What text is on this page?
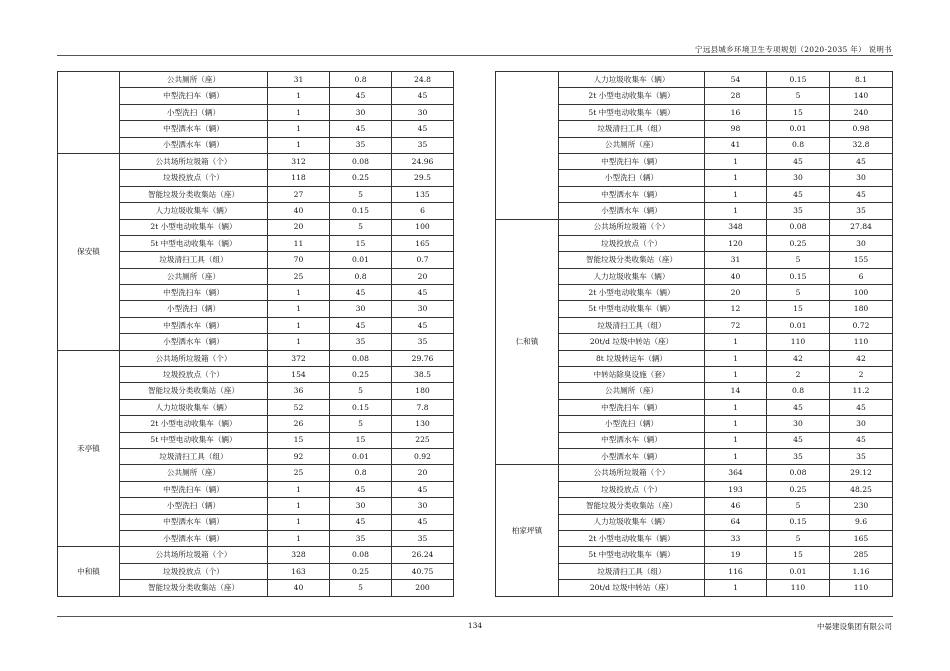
宁远县城乡环境卫生专项规划（2020-2035 年） 说明书
	公共厕所（座）	31	0.8	24.8
	中型洗扫车（辆）	1	45	45
	小型洗扫（辆）	1	30	30
	中型洒水车（辆）	1	45	45
	小型洒水车（辆）	1	35	35
保安镇	公共场所垃圾箱（个）	312	0.08	24.96
	垃圾投放点（个）	118	0.25	29.5
	智能垃圾分类收集站（座）	27	5	135
	人力垃圾收集车（辆）	40	0.15	6
	2t 小型电动收集车（辆）	20	5	100
	5t 中型电动收集车（辆）	11	15	165
	垃圾清扫工具（组）	70	0.01	0.7
	公共厕所（座）	25	0.8	20
	中型洗扫车（辆）	1	45	45
	小型洗扫（辆）	1	30	30
	中型洒水车（辆）	1	45	45
	小型洒水车（辆）	1	35	35
禾亭镇	公共场所垃圾箱（个）	372	0.08	29.76
	垃圾投放点（个）	154	0.25	38.5
	智能垃圾分类收集站（座）	36	5	180
	人力垃圾收集车（辆）	52	0.15	7.8
	2t 小型电动收集车（辆）	26	5	130
	5t 中型电动收集车（辆）	15	15	225
	垃圾清扫工具（组）	92	0.01	0.92
	公共厕所（座）	25	0.8	20
	中型洗扫车（辆）	1	45	45
	小型洗扫（辆）	1	30	30
	中型洒水车（辆）	1	45	45
	小型洒水车（辆）	1	35	35
中和镇	公共场所垃圾箱（个）	328	0.08	26.24
	垃圾投放点（个）	163	0.25	40.75
	智能垃圾分类收集站（座）	40	5	200
	人力垃圾收集车（辆）	54	0.15	8.1
	2t 小型电动收集车（辆）	28	5	140
	5t 中型电动收集车（辆）	16	15	240
	垃圾清扫工具（组）	98	0.01	0.98
	公共厕所（座）	41	0.8	32.8
	中型洗扫车（辆）	1	45	45
	小型洗扫（辆）	1	30	30
	中型洒水车（辆）	1	45	45
	小型洒水车（辆）	1	35	35
仁和镇	公共场所垃圾箱（个）	348	0.08	27.84
	垃圾投放点（个）	120	0.25	30
	智能垃圾分类收集站（座）	31	5	155
	人力垃圾收集车（辆）	40	0.15	6
	2t 小型电动收集车（辆）	20	5	100
	5t 中型电动收集车（辆）	12	15	180
	垃圾清扫工具（组）	72	0.01	0.72
	20t/d 垃圾中转站（座）	1	110	110
	8t 垃圾转运车（辆）	1	42	42
	中转站除臭设施（套）	1	2	2
	公共厕所（座）	14	0.8	11.2
	中型洗扫车（辆）	1	45	45
	小型洗扫（辆）	1	30	30
	中型洒水车（辆）	1	45	45
	小型洒水车（辆）	1	35	35
柏家坪镇	公共场所垃圾箱（个）	364	0.08	29.12
	垃圾投放点（个）	193	0.25	48.25
	智能垃圾分类收集站（座）	46	5	230
	人力垃圾收集车（辆）	64	0.15	9.6
	2t 小型电动收集车（辆）	33	5	165
	5t 中型电动收集车（辆）	19	15	285
	垃圾清扫工具（组）	116	0.01	1.16
	20t/d 垃圾中转站（座）	1	110	110
134	中晏建设集团有限公司
